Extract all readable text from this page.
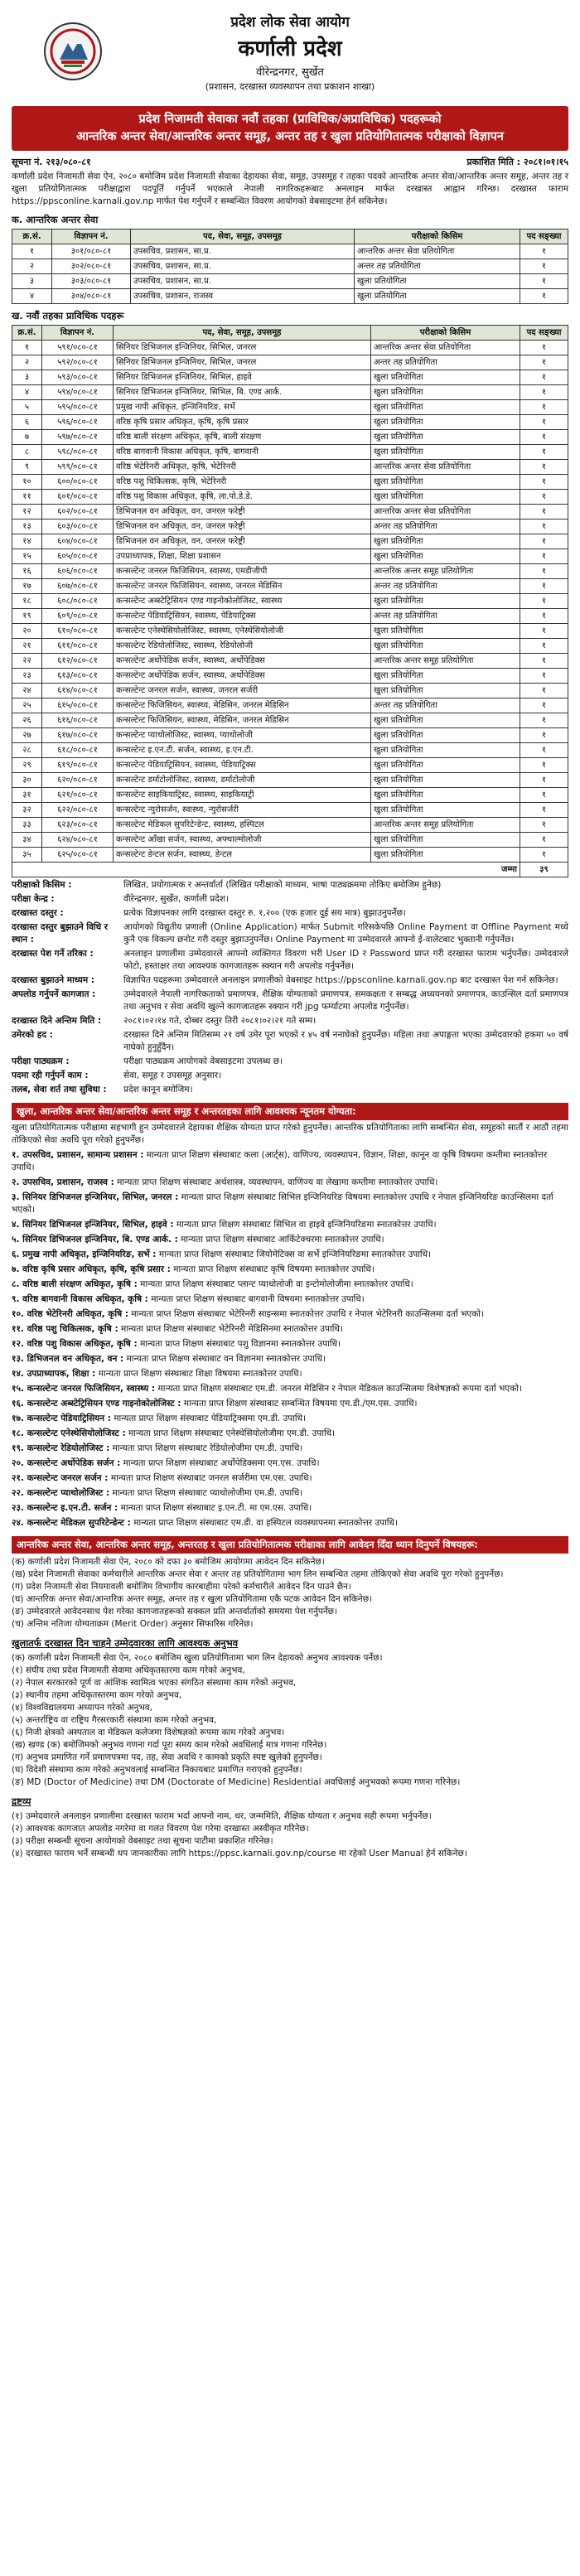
प्रदेश लोक सेवा आयोग
कर्णाली प्रदेश
वीरेन्द्रनगर, सुर्खेत
(प्रशासन, दरखास्त व्यवस्थापन तथा प्रकाशन शाखा)
प्रदेश निजामती सेवाका नवौं तहका (प्राविधिक/अप्राविधिक) पदहरूको
आन्तरिक अन्तर सेवा/आन्तरिक अन्तर समूह, अन्तर तह र खुला प्रतियोगितात्मक परीक्षाको विज्ञापन
सूचना नं. २१३/०८०-८१	प्रकाशित मिति : २०८१।०१।१५
कर्णाली प्रदेश निजामती सेवा ऐन, २०८० बमोजिम प्रदेश निजामती सेवाका देहायका सेवा, समूह, उपसमूह र तहका पदको आन्तरिक अन्तर सेवा/आन्तरिक अन्तर समूह, अन्तर तह र खुला प्रतियोगितात्मक परीक्षाद्वारा पदपूर्ति गर्नुपर्ने भएकाले नेपाली नागरिकहरूबाट अनलाइन मार्फत दरखास्त आह्वान गरिन्छ। दरखास्त फाराम https://ppsconline.karnali.gov.np मार्फत पेश गर्नुपर्ने र सम्बन्धित विवरण आयोगको वेबसाइटमा हेर्न सकिनेछ।
क. आन्तरिक अन्तर सेवा
क्र.सं.	विज्ञापन नं.	पद, सेवा, समूह, उपसमूह	परीक्षाको किसिम	पद सङ्ख्या
१	३०१/०८०-८१	उपसचिव, प्रशासन, सा.प्र.	आन्तरिक अन्तर सेवा प्रतियोगिता	१
२	३०२/०८०-८१	उपसचिव, प्रशासन, सा.प्र.	अन्तर तह प्रतियोगिता	१
३	३०३/०८०-८१	उपसचिव, प्रशासन, सा.प्र.	खुला प्रतियोगिता	१
४	३०४/०८०-८१	उपसचिव, प्रशासन, राजस्व	खुला प्रतियोगिता	१
ख. नवौं तहका प्राविधिक पदहरू
क्र.सं.	विज्ञापन नं.	पद, सेवा, समूह, उपसमूह	परीक्षाको किसिम	पद सङ्ख्या
१	५९१/०८०-८१	सिनियर डिभिजनल इन्जिनियर, सिभिल, जनरल	आन्तरिक अन्तर सेवा प्रतियोगिता	१
२	५९२/०८०-८१	सिनियर डिभिजनल इन्जिनियर, सिभिल, जनरल	अन्तर तह प्रतियोगिता	१
३	५९३/०८०-८१	सिनियर डिभिजनल इन्जिनियर, सिभिल, हाइवे	खुला प्रतियोगिता	१
४	५९४/०८०-८१	सिनियर डिभिजनल इन्जिनियर, सिभिल, बि. एण्ड आर्क.	खुला प्रतियोगिता	१
५	५९५/०८०-८१	प्रमुख नापी अधिकृत, इन्जिनियरिङ, सर्भे	खुला प्रतियोगिता	१
६	५९६/०८०-८१	वरिष्ठ कृषि प्रसार अधिकृत, कृषि, कृषि प्रसार	खुला प्रतियोगिता	१
७	५९७/०८०-८१	वरिष्ठ बाली संरक्षण अधिकृत, कृषि, बाली संरक्षण	खुला प्रतियोगिता	१
८	५९८/०८०-८१	वरिष्ठ बागवानी विकास अधिकृत, कृषि, बागवानी	खुला प्रतियोगिता	१
९	५९९/०८०-८१	वरिष्ठ भेटेरिनरी अधिकृत, कृषि, भेटेरिनरी	आन्तरिक अन्तर सेवा प्रतियोगिता	१
१०	६००/०८०-८१	वरिष्ठ पशु चिकित्सक, कृषि, भेटेरिनरी	खुला प्रतियोगिता	१
११	६०१/०८०-८१	वरिष्ठ पशु विकास अधिकृत, कृषि, ला.पो.डे.डे.	खुला प्रतियोगिता	१
१२	६०२/०८०-८१	डिभिजनल वन अधिकृत, वन, जनरल फरेष्ट्री	आन्तरिक अन्तर सेवा प्रतियोगिता	१
१३	६०३/०८०-८१	डिभिजनल वन अधिकृत, वन, जनरल फरेष्ट्री	अन्तर तह प्रतियोगिता	१
१४	६०४/०८०-८१	डिभिजनल वन अधिकृत, वन, जनरल फरेष्ट्री	खुला प्रतियोगिता	१
१५	६०५/०८०-८१	उपप्राध्यापक, शिक्षा, शिक्षा प्रशासन	खुला प्रतियोगिता	१
१६	६०६/०८०-८१	कन्सल्टेन्ट जनरल फिजिसियन, स्वास्थ्य, एमडीजीपी	आन्तरिक अन्तर समूह प्रतियोगिता	१
१७	६०७/०८०-८१	कन्सल्टेन्ट जनरल फिजिसियन, स्वास्थ्य, जनरल मेडिसिन	अन्तर तह प्रतियोगिता	१
१८	६०८/०८०-८१	कन्सल्टेन्ट अब्स्टेट्रिसियन एण्ड गाइनोकोलोजिस्ट, स्वास्थ्य	खुला प्रतियोगिता	१
१९	६०९/०८०-८१	कन्सल्टेन्ट पेडियाट्रिसियन, स्वास्थ्य, पेडियाट्रिक्स	अन्तर तह प्रतियोगिता	१
२०	६१०/०८०-८१	कन्सल्टेन्ट एनेस्थेसियोलोजिस्ट, स्वास्थ्य, एनेस्थेसियोलोजी	खुला प्रतियोगिता	१
२१	६११/०८०-८१	कन्सल्टेन्ट रेडियोलोजिस्ट, स्वास्थ्य, रेडियोलोजी	खुला प्रतियोगिता	१
२२	६१२/०८०-८१	कन्सल्टेन्ट अर्थोपेडिक सर्जन, स्वास्थ्य, अर्थोपेडिक्स	आन्तरिक अन्तर समूह प्रतियोगिता	१
२३	६१३/०८०-८१	कन्सल्टेन्ट अर्थोपेडिक सर्जन, स्वास्थ्य, अर्थोपेडिक्स	खुला प्रतियोगिता	१
२४	६१४/०८०-८१	कन्सल्टेन्ट जनरल सर्जन, स्वास्थ्य, जनरल सर्जरी	खुला प्रतियोगिता	१
२५	६१५/०८०-८१	कन्सल्टेन्ट फिजिसियन, स्वास्थ्य, मेडिसिन, जनरल मेडिसिन	अन्तर तह प्रतियोगिता	१
२६	६१६/०८०-८१	कन्सल्टेन्ट फिजिसियन, स्वास्थ्य, मेडिसिन, जनरल मेडिसिन	खुला प्रतियोगिता	१
२७	६१७/०८०-८१	कन्सल्टेन्ट प्याथोलोजिस्ट, स्वास्थ्य, प्याथोलोजी	खुला प्रतियोगिता	१
२८	६१८/०८०-८१	कन्सल्टेन्ट इ.एन.टी. सर्जन, स्वास्थ्य, इ.एन.टी.	खुला प्रतियोगिता	१
२९	६१९/०८०-८१	कन्सल्टेन्ट पेडियाट्रिसियन, स्वास्थ्य, पेडियाट्रिक्स	खुला प्रतियोगिता	१
३०	६२०/०८०-८१	कन्सल्टेन्ट डर्माटोलोजिस्ट, स्वास्थ्य, डर्माटोलोजी	खुला प्रतियोगिता	१
३१	६२१/०८०-८१	कन्सल्टेन्ट साइकियाट्रिस्ट, स्वास्थ्य, साइकियाट्री	खुला प्रतियोगिता	१
३२	६२२/०८०-८१	कन्सल्टेन्ट न्युरोसर्जन, स्वास्थ्य, न्युरोसर्जरी	खुला प्रतियोगिता	१
३३	६२३/०८०-८१	कन्सल्टेन्ट मेडिकल सुपरिटेन्डेन्ट, स्वास्थ्य, हस्पिटल	आन्तरिक अन्तर समूह प्रतियोगिता	१
३४	६२४/०८०-८१	कन्सल्टेन्ट आँखा सर्जन, स्वास्थ्य, अफ्थाल्मोलोजी	खुला प्रतियोगिता	१
३५	६२५/०८०-८१	कन्सल्टेन्ट डेन्टल सर्जन, स्वास्थ्य, डेन्टल	खुला प्रतियोगिता	१
जम्मा				३९
परीक्षाको किसिम :	लिखित, प्रयोगात्मक र अन्तर्वार्ता (लिखित परीक्षाको माध्यम, भाषा पाठ्यक्रममा तोकिए बमोजिम हुनेछ)
परीक्षा केन्द्र :	वीरेन्द्रनगर, सुर्खेत, कर्णाली प्रदेश।
दरखास्त दस्तुर :	प्रत्येक विज्ञापनका लागि दरखास्त दस्तुर रु. १,२०० (एक हजार दुई सय मात्र) बुझाउनुपर्नेछ।
दरखास्त दस्तुर बुझाउने विधि र स्थान :
आयोगको विद्युतीय प्रणाली (Online Application) मार्फत Submit गरिसकेपछि Online Payment वा Offline Payment मध्ये कुनै एक विकल्प छनोट गरी दस्तुर बुझाउनुपर्नेछ। Online Payment मा उम्मेदवारले आफ्नो ई-वालेटबाट भुक्तानी गर्नुपर्नेछ।
दरखास्त पेश गर्ने तरिका :	अनलाइन प्रणालीमा उम्मेदवारले आफ्नो व्यक्तिगत विवरण भरी User ID र Password प्राप्त गरी दरखास्त फाराम भर्नुपर्नेछ। उम्मेदवारले फोटो, हस्ताक्षर तथा आवश्यक कागजातहरू स्क्यान गरी अपलोड गर्नुपर्नेछ।
दरखास्त बुझाउने माध्यम :	विज्ञापित पदहरूमा उम्मेदवारले अनलाइन प्रणालीको वेबसाइट https://ppsconline.karnali.gov.np बाट दरखास्त पेश गर्न सकिनेछ।
अपलोड गर्नुपर्ने कागजात :	उम्मेदवारले नेपाली नागरिकताको प्रमाणपत्र, शैक्षिक योग्यताको प्रमाणपत्र, समकक्षता र सम्बद्ध अध्ययनको प्रमाणपत्र, काउन्सिल दर्ता प्रमाणपत्र तथा अनुभव र सेवा अवधि खुल्ने कागजातहरू स्क्यान गरी jpg फर्म्याटमा अपलोड गर्नुपर्नेछ।
दरखास्त दिने अन्तिम मिति :	२०८१।०२।१४ गते, दोब्बर दस्तुर तिरी २०८१।०२।२१ गते सम्म।
उमेरको हद :	दरखास्त दिने अन्तिम मितिसम्म २१ वर्ष उमेर पूरा भएको र ४५ वर्ष ननाघेको हुनुपर्नेछ। महिला तथा अपाङ्गता भएका उम्मेदवारको हकमा ५० वर्ष नाघेको हुनुहुँदैन।
परीक्षा पाठ्यक्रम :	परीक्षा पाठ्यक्रम आयोगको वेबसाइटमा उपलब्ध छ।
पदमा रही गर्नुपर्ने काम :	सेवा, समूह र उपसमूह अनुसार।
तलब, सेवा शर्त तथा सुविधा :	प्रदेश कानून बमोजिम।
खुला, आन्तरिक अन्तर सेवा/आन्तरिक अन्तर समूह र अन्तरतहका लागि आवश्यक न्यूनतम योग्यता:
खुला प्रतियोगितात्मक परीक्षामा सहभागी हुन उम्मेदवारले देहायका शैक्षिक योग्यता प्राप्त गरेको हुनुपर्नेछ। आन्तरिक प्रतियोगिताका लागि सम्बन्धित सेवा, समूहको सातौं र आठौं तहमा तोकिएको सेवा अवधि पूरा गरेको हुनुपर्नेछ।
१. उपसचिव, प्रशासन, सामान्य प्रशासन : मान्यता प्राप्त शिक्षण संस्थाबाट कला (आर्ट्स), वाणिज्य, व्यवस्थापन, विज्ञान, शिक्षा, कानून वा कृषि विषयमा कम्तीमा स्नातकोत्तर उपाधि।
२. उपसचिव, प्रशासन, राजस्व : मान्यता प्राप्त शिक्षण संस्थाबाट अर्थशास्त्र, व्यवस्थापन, वाणिज्य वा लेखामा कम्तीमा स्नातकोत्तर उपाधि।
३. सिनियर डिभिजनल इन्जिनियर, सिभिल, जनरल : मान्यता प्राप्त शिक्षण संस्थाबाट सिभिल इन्जिनियरिङ विषयमा स्नातकोत्तर उपाधि र नेपाल इन्जिनियरिङ काउन्सिलमा दर्ता भएको।
४. सिनियर डिभिजनल इन्जिनियर, सिभिल, हाइवे : मान्यता प्राप्त शिक्षण संस्थाबाट सिभिल वा हाइवे इन्जिनियरिङमा स्नातकोत्तर उपाधि।
५. सिनियर डिभिजनल इन्जिनियर, बि. एण्ड आर्क. : मान्यता प्राप्त शिक्षण संस्थाबाट आर्किटेक्चरमा स्नातकोत्तर उपाधि।
६. प्रमुख नापी अधिकृत, इन्जिनियरिङ, सर्भे : मान्यता प्राप्त शिक्षण संस्थाबाट जियोमेटिक्स वा सर्भे इन्जिनियरिङमा स्नातकोत्तर उपाधि।
७. वरिष्ठ कृषि प्रसार अधिकृत, कृषि, कृषि प्रसार : मान्यता प्राप्त शिक्षण संस्थाबाट कृषि विषयमा स्नातकोत्तर उपाधि।
८. वरिष्ठ बाली संरक्षण अधिकृत, कृषि : मान्यता प्राप्त शिक्षण संस्थाबाट प्लान्ट प्याथोलोजी वा इन्टोमोलोजीमा स्नातकोत्तर उपाधि।
९. वरिष्ठ बागवानी विकास अधिकृत, कृषि : मान्यता प्राप्त शिक्षण संस्थाबाट बागवानी विषयमा स्नातकोत्तर उपाधि।
१०. वरिष्ठ भेटेरिनरी अधिकृत, कृषि : मान्यता प्राप्त शिक्षण संस्थाबाट भेटेरिनरी साइन्समा स्नातकोत्तर उपाधि र नेपाल भेटेरिनरी काउन्सिलमा दर्ता भएको।
११. वरिष्ठ पशु चिकित्सक, कृषि : मान्यता प्राप्त शिक्षण संस्थाबाट भेटेरिनरी मेडिसिनमा स्नातकोत्तर उपाधि।
१२. वरिष्ठ पशु विकास अधिकृत, कृषि : मान्यता प्राप्त शिक्षण संस्थाबाट पशु विज्ञानमा स्नातकोत्तर उपाधि।
१३. डिभिजनल वन अधिकृत, वन : मान्यता प्राप्त शिक्षण संस्थाबाट वन विज्ञानमा स्नातकोत्तर उपाधि।
१४. उपप्राध्यापक, शिक्षा : मान्यता प्राप्त शिक्षण संस्थाबाट शिक्षा विषयमा स्नातकोत्तर उपाधि।
१५. कन्सल्टेन्ट जनरल फिजिसियन, स्वास्थ्य : मान्यता प्राप्त शिक्षण संस्थाबाट एम.डी. जनरल मेडिसिन र नेपाल मेडिकल काउन्सिलमा विशेषज्ञको रूपमा दर्ता भएको।
१६. कन्सल्टेन्ट अब्स्टेट्रिसियन एण्ड गाइनोकोलोजिस्ट : मान्यता प्राप्त शिक्षण संस्थाबाट सम्बन्धित विषयमा एम.डी./एम.एस. उपाधि।
१७. कन्सल्टेन्ट पेडियाट्रिसियन : मान्यता प्राप्त शिक्षण संस्थाबाट पेडियाट्रिक्समा एम.डी. उपाधि।
१८. कन्सल्टेन्ट एनेस्थेसियोलोजिस्ट : मान्यता प्राप्त शिक्षण संस्थाबाट एनेस्थेसियोलोजीमा एम.डी. उपाधि।
१९. कन्सल्टेन्ट रेडियोलोजिस्ट : मान्यता प्राप्त शिक्षण संस्थाबाट रेडियोलोजीमा एम.डी. उपाधि।
२०. कन्सल्टेन्ट अर्थोपेडिक सर्जन : मान्यता प्राप्त शिक्षण संस्थाबाट अर्थोपेडिक्समा एम.एस. उपाधि।
२१. कन्सल्टेन्ट जनरल सर्जन : मान्यता प्राप्त शिक्षण संस्थाबाट जनरल सर्जरीमा एम.एस. उपाधि।
२२. कन्सल्टेन्ट प्याथोलोजिस्ट : मान्यता प्राप्त शिक्षण संस्थाबाट प्याथोलोजीमा एम.डी. उपाधि।
२३. कन्सल्टेन्ट इ.एन.टी. सर्जन : मान्यता प्राप्त शिक्षण संस्थाबाट इ.एन.टी. मा एम.एस. उपाधि।
२४. कन्सल्टेन्ट मेडिकल सुपरिटेन्डेन्ट : मान्यता प्राप्त शिक्षण संस्थाबाट एम.डी. वा हस्पिटल व्यवस्थापनमा स्नातकोत्तर उपाधि।
आन्तरिक अन्तर सेवा, आन्तरिक अन्तर समूह, अन्तरतह र खुला प्रतियोगितात्मक परीक्षाका लागि आवेदन दिँदा ध्यान दिनुपर्ने विषयहरू:
(क) कर्णाली प्रदेश निजामती सेवा ऐन, २०८० को दफा ३० बमोजिम आयोगमा आवेदन दिन सकिनेछ।
(ख) प्रदेश निजामती सेवाका कर्मचारीले आन्तरिक अन्तर सेवा र अन्तर तह प्रतियोगितामा भाग लिन सम्बन्धित तहमा तोकिएको सेवा अवधि पूरा गरेको हुनुपर्नेछ।
(ग) प्रदेश निजामती सेवा नियमावली बमोजिम विभागीय कारबाहीमा परेको कर्मचारीले आवेदन दिन पाउने छैन।
(घ) आन्तरिक अन्तर सेवा/आन्तरिक अन्तर समूह, अन्तर तह र खुला प्रतियोगितामा एकै पटक आवेदन दिन सकिनेछ।
(ङ) उम्मेदवारले आवेदनसाथ पेश गरेका कागजातहरूको सक्कल प्रति अन्तर्वार्ताको समयमा पेश गर्नुपर्नेछ।
(च) अन्तिम नतिजा योग्यताक्रम (Merit Order) अनुसार सिफारिस गरिनेछ।
खुलातर्फ दरखास्त दिन चाहने उम्मेदवारका लागि आवश्यक अनुभव
(क) कर्णाली प्रदेश निजामती सेवा ऐन, २०८० बमोजिम खुला प्रतियोगितामा भाग लिन देहायको अनुभव आवश्यक पर्नेछ।
(१) संघीय तथा प्रदेश निजामती सेवामा अधिकृतस्तरमा काम गरेको अनुभव,
(२) नेपाल सरकारको पूर्ण वा आंशिक स्वामित्व भएका संगठित संस्थामा काम गरेको अनुभव,
(३) स्थानीय तहमा अधिकृतस्तरमा काम गरेको अनुभव,
(४) विश्वविद्यालयमा अध्यापन गरेको अनुभव,
(५) अन्तर्राष्ट्रिय वा राष्ट्रिय गैरसरकारी संस्थामा काम गरेको अनुभव,
(६) निजी क्षेत्रको अस्पताल वा मेडिकल कलेजमा विशेषज्ञको रूपमा काम गरेको अनुभव।
(ख) खण्ड (क) बमोजिमको अनुभव गणना गर्दा पूरा समय काम गरेको अवधिलाई मात्र गणना गरिनेछ।
(ग) अनुभव प्रमाणित गर्ने प्रमाणपत्रमा पद, तह, सेवा अवधि र कामको प्रकृति स्पष्ट खुलेको हुनुपर्नेछ।
(घ) विदेशी संस्थामा काम गरेको अनुभवलाई सम्बन्धित निकायबाट प्रमाणित गराएको हुनुपर्नेछ।
(ङ) MD (Doctor of Medicine) तथा DM (Doctorate of Medicine) Residential अवधिलाई अनुभवको रूपमा गणना गरिनेछ।
द्रष्टव्य
(१) उम्मेदवारले अनलाइन प्रणालीमा दरखास्त फाराम भर्दा आफ्नो नाम, थर, जन्ममिति, शैक्षिक योग्यता र अनुभव सही रूपमा भर्नुपर्नेछ।
(२) आवश्यक कागजात अपलोड नगरेमा वा गलत विवरण पेश गरेमा दरखास्त अस्वीकृत गरिनेछ।
(३) परीक्षा सम्बन्धी सूचना आयोगको वेबसाइट तथा सूचना पाटीमा प्रकाशित गरिनेछ।
(४) दरखास्त फाराम भर्ने सम्बन्धी थप जानकारीका लागि https://ppsc.karnali.gov.np/course मा रहेको User Manual हेर्न सकिनेछ।
